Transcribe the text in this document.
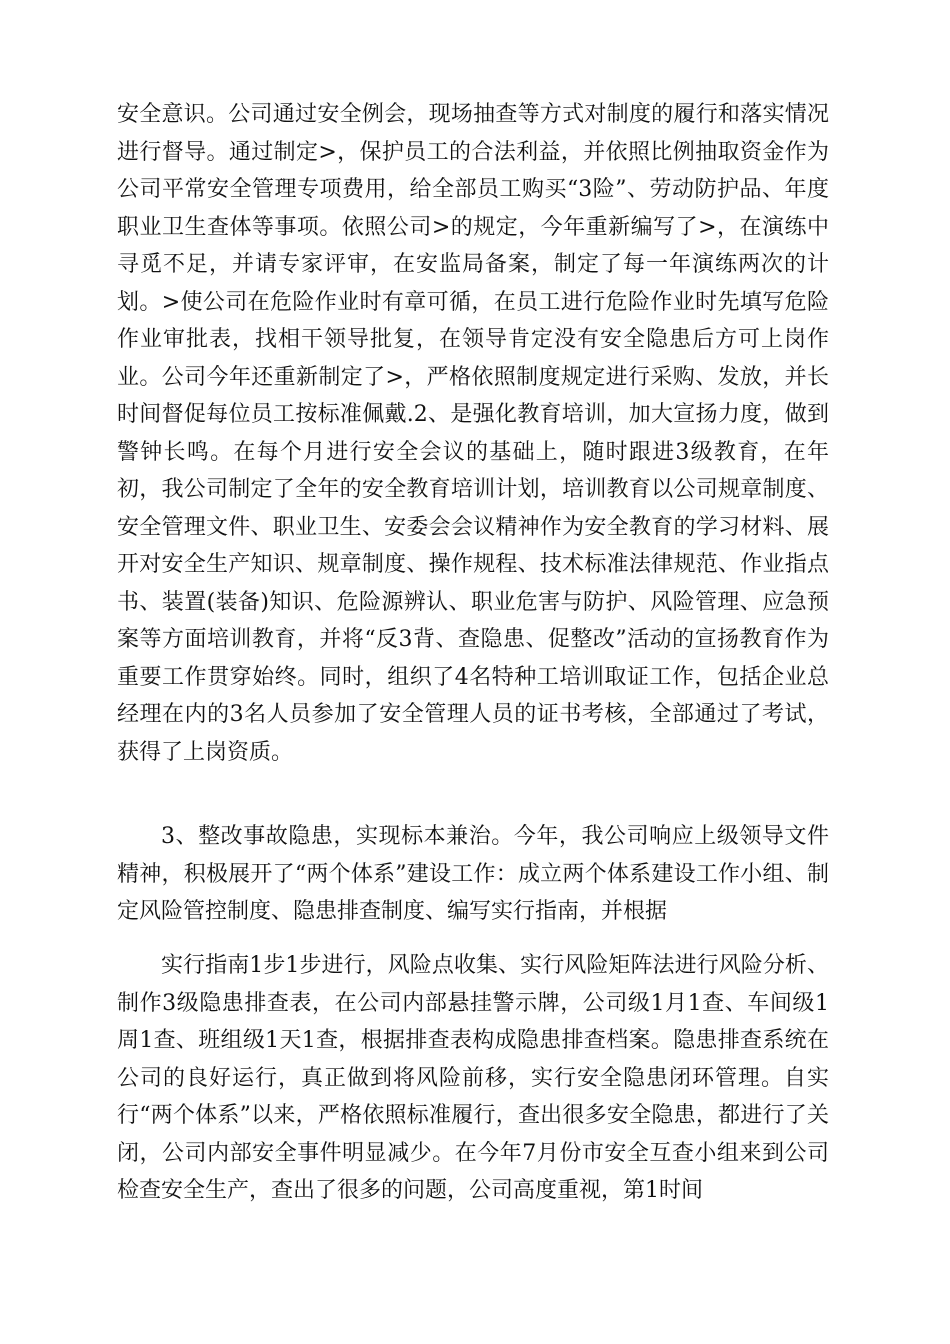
安全意识。公司通过安全例会，现场抽查等方式对制度的履行和落实情况进行督导。通过制定>，保护员工的合法利益，并依照比例抽取资金作为公司平常安全管理专项费用，给全部员工购买“3险”、劳动防护品、年度职业卫生查体等事项。依照公司>的规定，今年重新编写了>，在演练中寻觅不足，并请专家评审，在安监局备案，制定了每一年演练两次的计划。>使公司在危险作业时有章可循，在员工进行危险作业时先填写危险作业审批表，找相干领导批复，在领导肯定没有安全隐患后方可上岗作业。公司今年还重新制定了>，严格依照制度规定进行采购、发放，并长时间督促每位员工按标准佩戴.2、是强化教育培训，加大宣扬力度，做到警钟长鸣。在每个月进行安全会议的基础上，随时跟进3级教育，在年初，我公司制定了全年的安全教育培训计划，培训教育以公司规章制度、安全管理文件、职业卫生、安委会会议精神作为安全教育的学习材料、展开对安全生产知识、规章制度、操作规程、技术标准法律规范、作业指点书、装置(装备)知识、危险源辨认、职业危害与防护、风险管理、应急预案等方面培训教育，并将“反3背、查隐患、促整改”活动的宣扬教育作为重要工作贯穿始终。同时，组织了4名特种工培训取证工作，包括企业总经理在内的3名人员参加了安全管理人员的证书考核，全部通过了考试，获得了上岗资质。

3、整改事故隐患，实现标本兼治。今年，我公司响应上级领导文件精神，积极展开了“两个体系”建设工作：成立两个体系建设工作小组、制定风险管控制度、隐患排查制度、编写实行指南，并根据

实行指南1步1步进行，风险点收集、实行风险矩阵法进行风险分析、制作3级隐患排查表，在公司内部悬挂警示牌，公司级1月1查、车间级1周1查、班组级1天1查，根据排查表构成隐患排查档案。隐患排查系统在公司的良好运行，真正做到将风险前移，实行安全隐患闭环管理。自实行“两个体系”以来，严格依照标准履行，查出很多安全隐患，都进行了关闭，公司内部安全事件明显减少。在今年7月份市安全互查小组来到公司检查安全生产，查出了很多的问题，公司高度重视，第1时间
